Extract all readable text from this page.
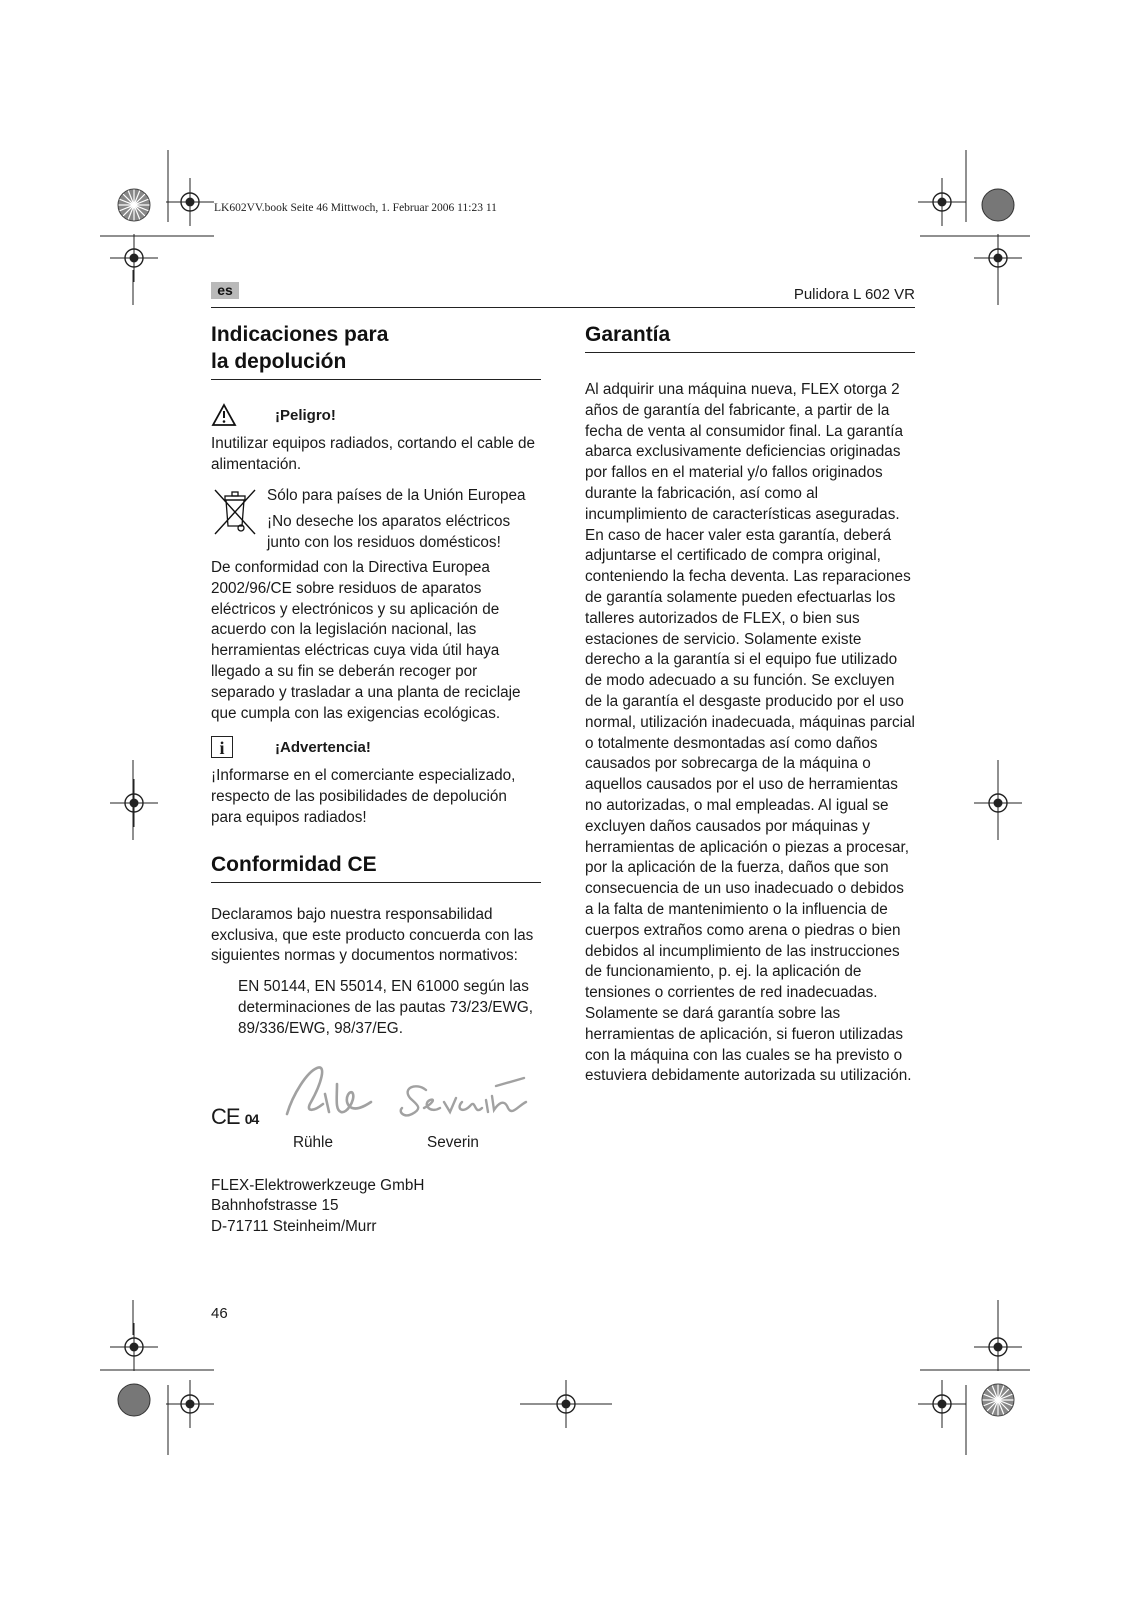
LK602VV.book Seite 46 Mittwoch, 1. Februar 2006 11:23 11
es	Pulidora L 602 VR
Indicaciones para
la depolución
¡Peligro!

Inutilizar equipos radiados, cortando el cable de alimentación.

Sólo para países de la Unión Europea

¡No deseche los aparatos eléctricos junto con los residuos domésticos!

De conformidad con la Directiva Europea 2002/96/CE sobre residuos de aparatos eléctricos y electrónicos y su aplicación de acuerdo con la legislación nacional, las herramientas eléctricas cuya vida útil haya llegado a su fin se deberán recoger por separado y trasladar a una planta de reciclaje que cumpla con las exigencias ecológicas.

i	¡Advertencia!

¡Informarse en el comerciante especializado, respecto de las posibilidades de depolución para equipos radiados!

Conformidad CE

Declaramos bajo nuestra responsabilidad exclusiva, que este producto concuerda con las siguientes normas y documentos normativos:

EN 50144, EN 55014, EN 61000 según las determinaciones de las pautas 73/23/EWG, 89/336/EWG, 98/37/EG.

CE 04
Rühle	Severin

FLEX-Elektrowerkzeuge GmbH

Bahnhofstrasse 15

D-71711 Steinheim/Murr

Garantía

Al adquirir una máquina nueva, FLEX otorga 2 años de garantía del fabricante, a partir de la fecha de venta al consumidor final. La garantía abarca exclusivamente deficiencias originadas por fallos en el material y/o fallos originados durante la fabricación, así como al incumplimiento de características aseguradas. En caso de hacer valer esta garantía, deberá adjuntarse el certificado de compra original, conteniendo la fecha deventa. Las reparaciones de garantía solamente pueden efectuarlas los talleres autorizados de FLEX, o bien sus estaciones de servicio. Solamente existe derecho a la garantía si el equipo fue utilizado de modo adecuado a su función. Se excluyen de la garantía el desgaste producido por el uso normal, utilización inadecuada, máquinas parcial o totalmente desmontadas así como daños causados por sobrecarga de la máquina o aquellos causados por el uso de herramientas no autorizadas, o mal empleadas. Al igual se excluyen daños causados por máquinas y herramientas de aplicación o piezas a procesar, por la aplicación de la fuerza, daños que son consecuencia de un uso inadecuado o debidos a la falta de mantenimiento o la influencia de cuerpos extraños como arena o piedras o bien debidos al incumplimiento de las instrucciones de funcionamiento, p. ej. la aplicación de tensiones o corrientes de red inadecuadas. Solamente se dará garantía sobre las herramientas de aplicación, si fueron utilizadas con la máquina con las cuales se ha previsto o estuviera debidamente autorizada su utilización.

46
